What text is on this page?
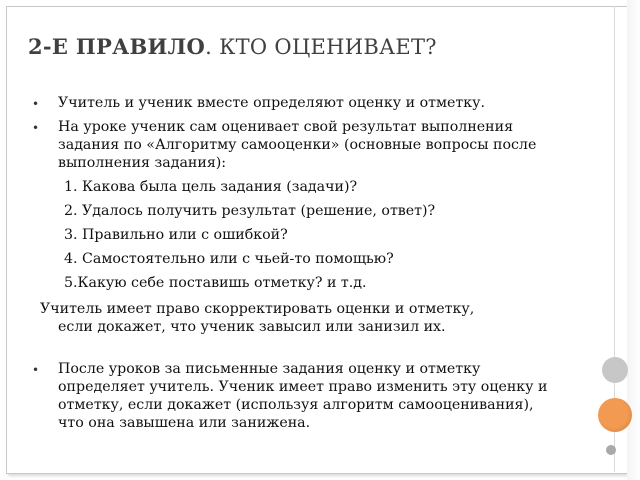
2-Е ПРАВИЛО. КТО ОЦЕНИВАЕТ?

• Учитель и ученик вместе определяют оценку и отметку.

• На уроке ученик сам оценивает свой результат выполнения задания по «Алгоритму самооценки» (основные вопросы после выполнения задания):

1. Какова была цель задания (задачи)?

2. Удалось получить результат (решение, ответ)?

3. Правильно или с ошибкой?

4. Самостоятельно или с чьей-то помощью?

5.Какую себе поставишь отметку? и т.д.

Учитель имеет право скорректировать оценки и отметку,
если докажет, что ученик завысил или занизил их.

• После уроков за письменные задания оценку и отметку определяет учитель. Ученик имеет право изменить эту оценку и отметку, если докажет (используя алгоритм самооценивания), что она завышена или занижена.
